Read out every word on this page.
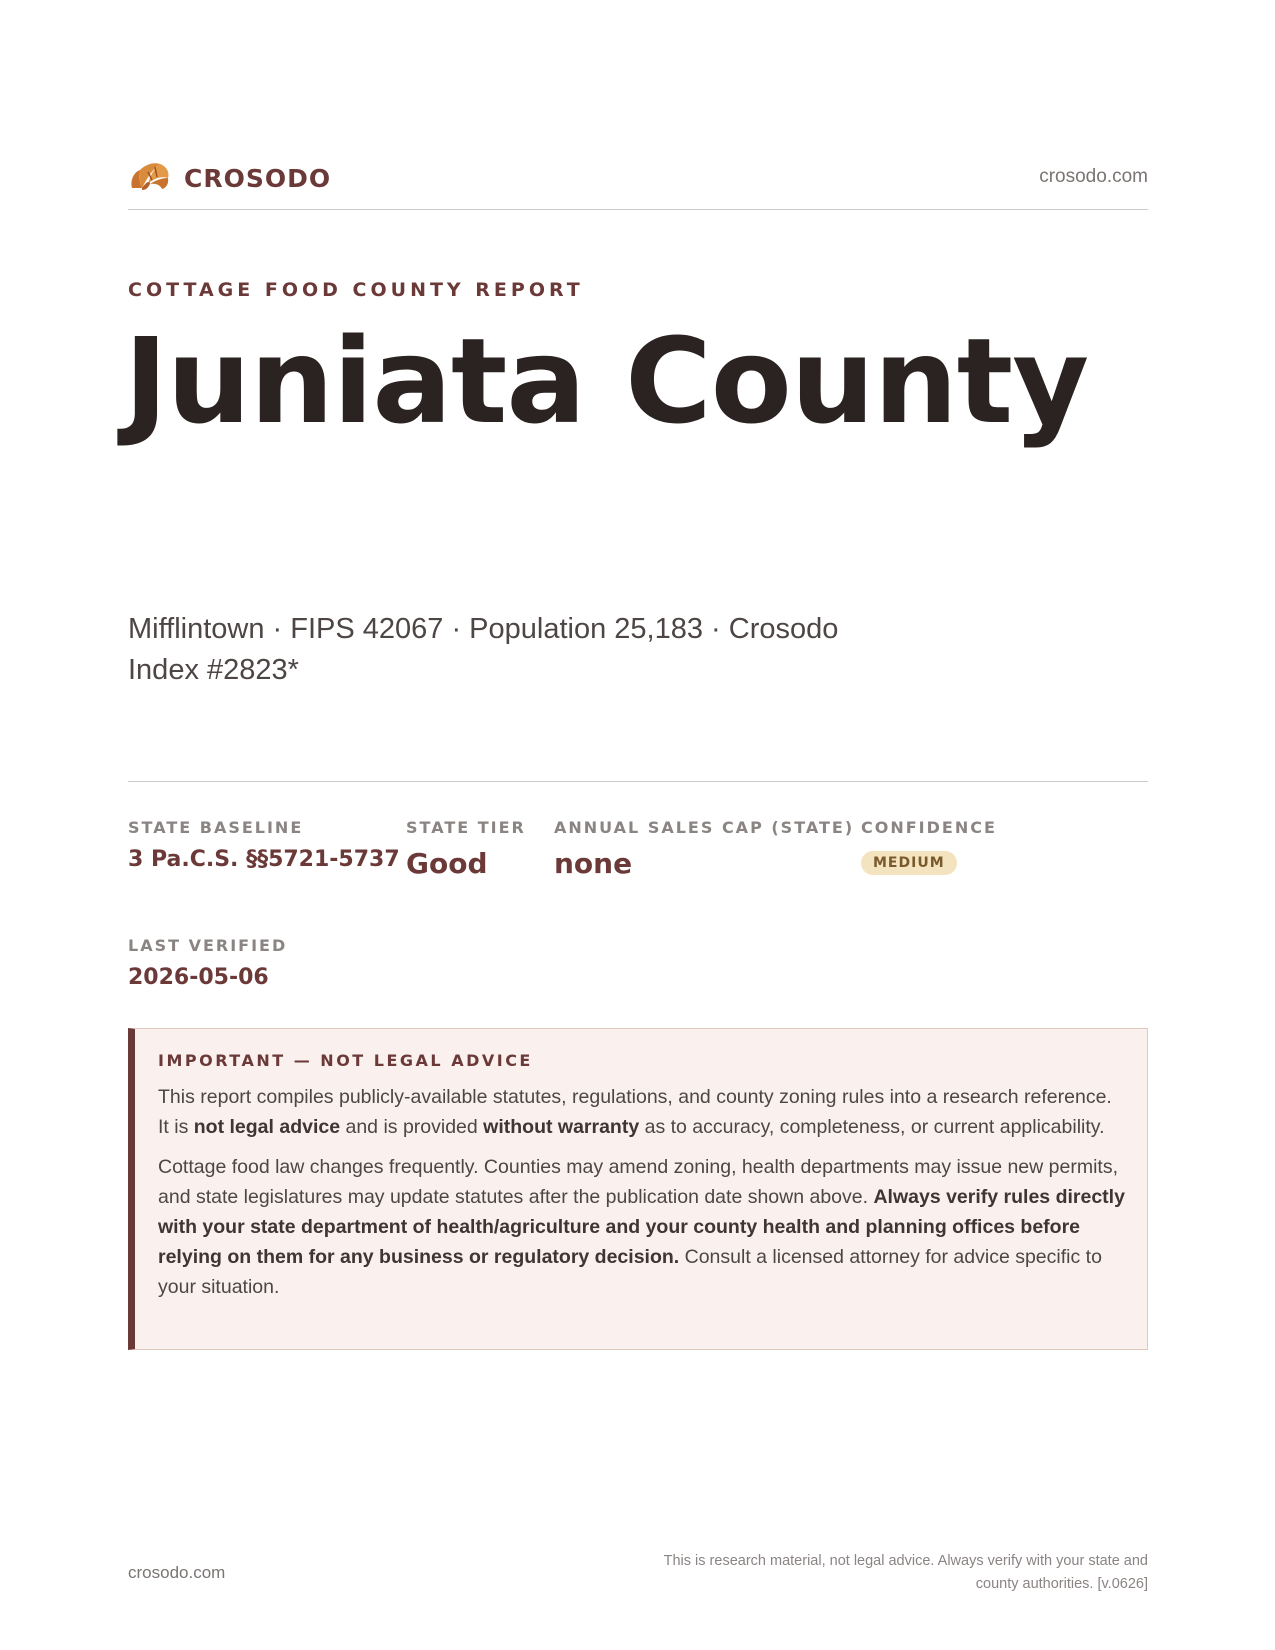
CROSODO	crosodo.com
COTTAGE FOOD COUNTY REPORT
Juniata County
Mifflintown · FIPS 42067 · Population 25,183 · Crosodo Index #2823*
STATE BASELINE
3 Pa.C.S. §§5721-5737
STATE TIER
Good
ANNUAL SALES CAP (STATE)
none
CONFIDENCE
MEDIUM
LAST VERIFIED
2026-05-06
IMPORTANT — NOT LEGAL ADVICE

This report compiles publicly-available statutes, regulations, and county zoning rules into a research reference. It is not legal advice and is provided without warranty as to accuracy, completeness, or current applicability.

Cottage food law changes frequently. Counties may amend zoning, health departments may issue new permits, and state legislatures may update statutes after the publication date shown above. Always verify rules directly with your state department of health/agriculture and your county health and planning offices before relying on them for any business or regulatory decision. Consult a licensed attorney for advice specific to your situation.

crosodo.com
This is research material, not legal advice. Always verify with your state and county authorities. [v.0626]
